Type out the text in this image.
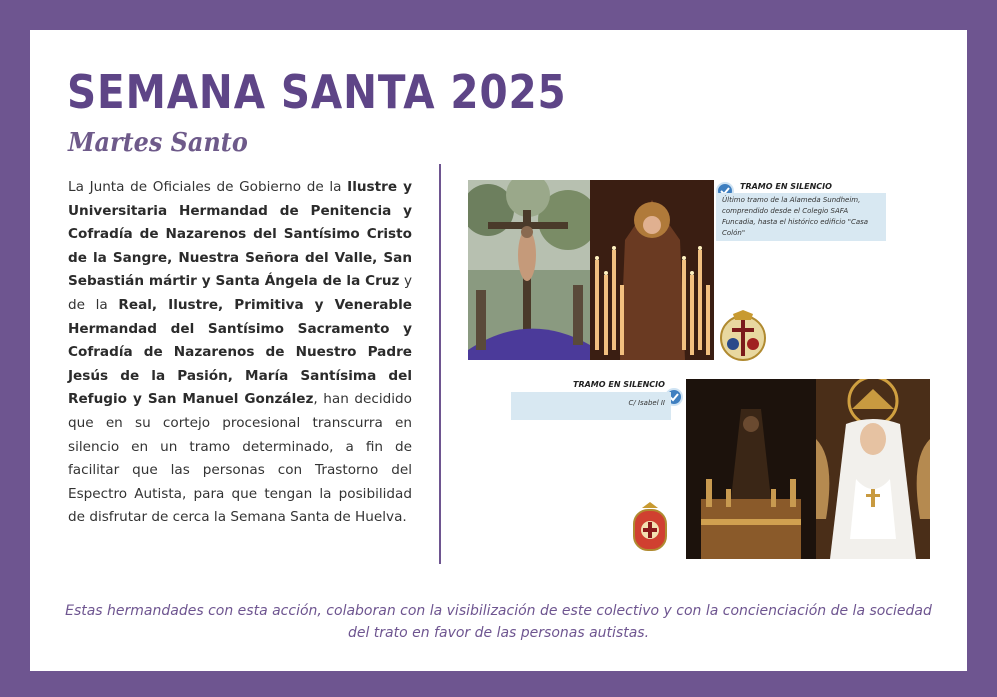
SEMANA SANTA 2025
Martes Santo

La Junta de Oficiales de Gobierno de la Ilustre y Universitaria Hermandad de Penitencia y Cofradía de Nazarenos del Santísimo Cristo de la Sangre, Nuestra Señora del Valle, San Sebastián mártir y Santa Ángela de la Cruz y de la Real, Ilustre, Primitiva y Venerable Hermandad del Santísimo Sacramento y Cofradía de Nazarenos de Nuestro Padre Jesús de la Pasión, María Santísima del Refugio y San Manuel González, han decidido que en su cortejo procesional transcurra en silencio en un tramo determinado, a fin de facilitar que las personas con Trastorno del Espectro Autista, para que tengan la posibilidad de disfrutar de cerca la Semana Santa de Huelva.

TRAMO EN SILENCIO
Último tramo de la Alameda Sundheim, comprendido desde el Colegio SAFA Funcadia, hasta el histórico edificio "Casa Colón"
TRAMO EN SILENCIO
C/ Isabel II

Estas hermandades con esta acción, colaboran con la visibilización de este colectivo y con la concienciación de la sociedad del trato en favor de las personas autistas.
